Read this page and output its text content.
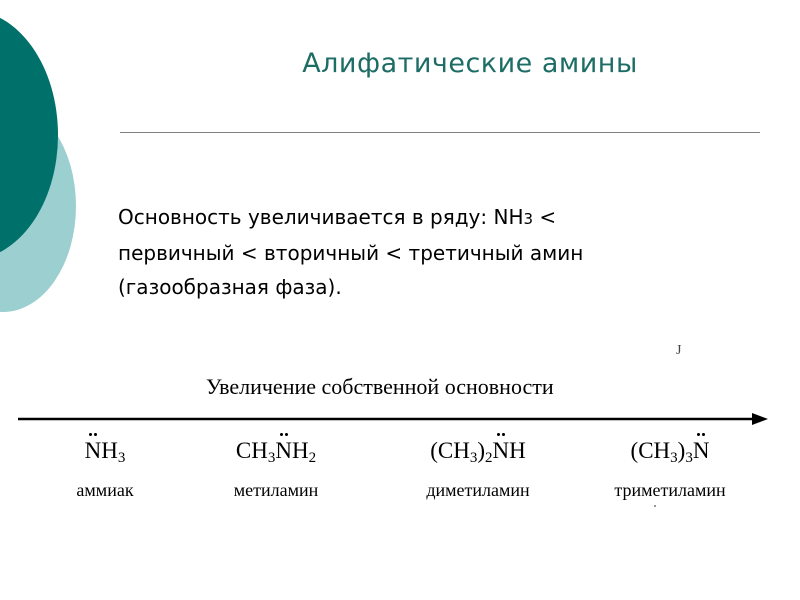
Алифатические амины

Основность увеличивается в ряду: NH3 <

первичный < вторичный < третичный амин

(газообразная фаза).

J
Увеличение собственной основности
$NH_3$	$CH_3NH_2$	$(CH_3)_2NH$	$(CH_3)_3N$
аммиак	метиламин	диметиламин	триметиламин
